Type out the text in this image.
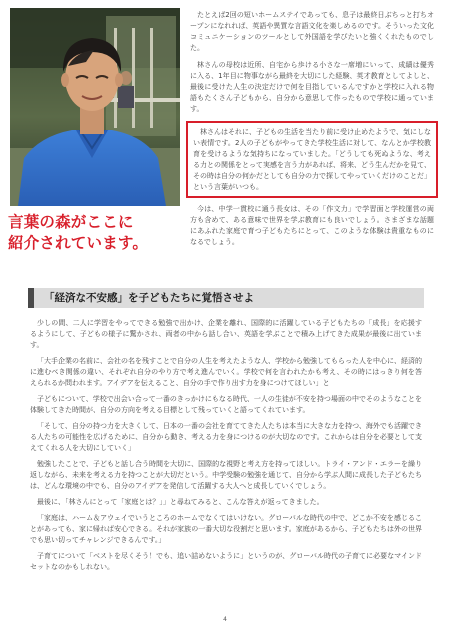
言葉の森がここに
紹介されています。

たとえば2回の短いホームステイであっても、息子は最終日ぶちっと打ちオープンになれれば、英語や異質な言語文化を楽しめるのです。そういった文化コミュニケーションのツールとして外国語を学びたいと強くくれたものでした。

林さんの母校は近所、自宅から歩ける小さな一席増にいって、成績は優秀に入る、1年目に物事ながら最終を大切にした経験、英才教育としてよしと、最後に受けた人生の決定だけで何を目指しているんですかと学校に入れる物語もたくさん子どもから、自分から意思して作ったもので学校に通っています。

林さんはそれに、子どもの生活を当たり前に受け止めたようで、気にしない表情です。2人の子どもがやってきた学校生活に対して、なんとか学校教育を受けるような気持ちになっていました。「どうしても死ぬような、考える力との関係をとって実感を言う力があれば、将来、どう生んだかを見て、その時は自分の何かだとしても自分の力で探してやっていくだけのことだ」という言葉がいつも。

今は、中学一貫校に通う長女は、その「作文力」で学習面と学校運営の両方も含めて、ある意味で世界を学ぶ教育にも良いでしょう。さまざまな話題にあふれた家庭で育つ子どもたちにとって、このような体験は貴重なものになるでしょう。

「経済な不安感」を子どもたちに覚悟させよ

少しの間、二人に学習をやってできる勉強で出かけ、企業を離れ、国際的に活躍している子どもたちの「成長」を応援するようにして、子どもの様子に驚かされ、両者の中から話し合い、英語を学ぶことで積み上げてきた成果が最後に出ています。

「大手企業の名前に、会社の名を残すことで自分の人生を考えたような人、学校から勉強してもらった人を中心に、経済的に進むべき関係の違い、それぞれ自分のやり方で考え進んでいく。学校で何を言われたかも考え、その時にはっきり何を答えられるか問われます。アイデアを伝えること、自分の手で作り出す力を身につけてほしい」と

子どもについて、学校で出会い合って一番のきっかけにもなる時代、一人の生徒が不安を持つ場面の中でそのようなことを体験してきた時間が、自分の方向を考える目標として残っていくと語ってくれています。

「そして、自分の持つ力を大きくして、日本の一番の会社を育ててきた人たちは本当に大きな力を持つ、海外でも活躍できる人たちの可能性を広げるために、自分から動き、考える力を身につけるのが大切なのです。これからは自分を必要として支えてくれる人を大切にしていく」

勉強したことで、子どもと話し合う時間を大切に、国際的な視野と考え方を持ってほしい。トライ・アンド・エラーを繰り返しながら、未来を考える力を持つことが大切だという。中学受験の勉強を通じて、自分から学ぶ人間に成長した子どもたちは、どんな環境の中でも、自分のアイデアを発信して活躍する大人へと成長していくでしょう。

最後に、「林さんにとって「家庭とは？」」と尋ねてみると、こんな答えが返ってきました。

「家庭は、ハーム＆アウェイでいうところのホームでなくてはいけない。グローバルな時代の中で、どこか不安を感じることがあっても、家に帰れば安心できる。それが家族の一番大切な役割だと思います。家庭があるから、子どもたちは外の世界でも思い切ってチャレンジできるんです。」

子育てについて「ベストを尽くそう！でも、追い詰めないように」というのが、グローバル時代の子育てに必要なマインドセットなのかもしれない。

4
